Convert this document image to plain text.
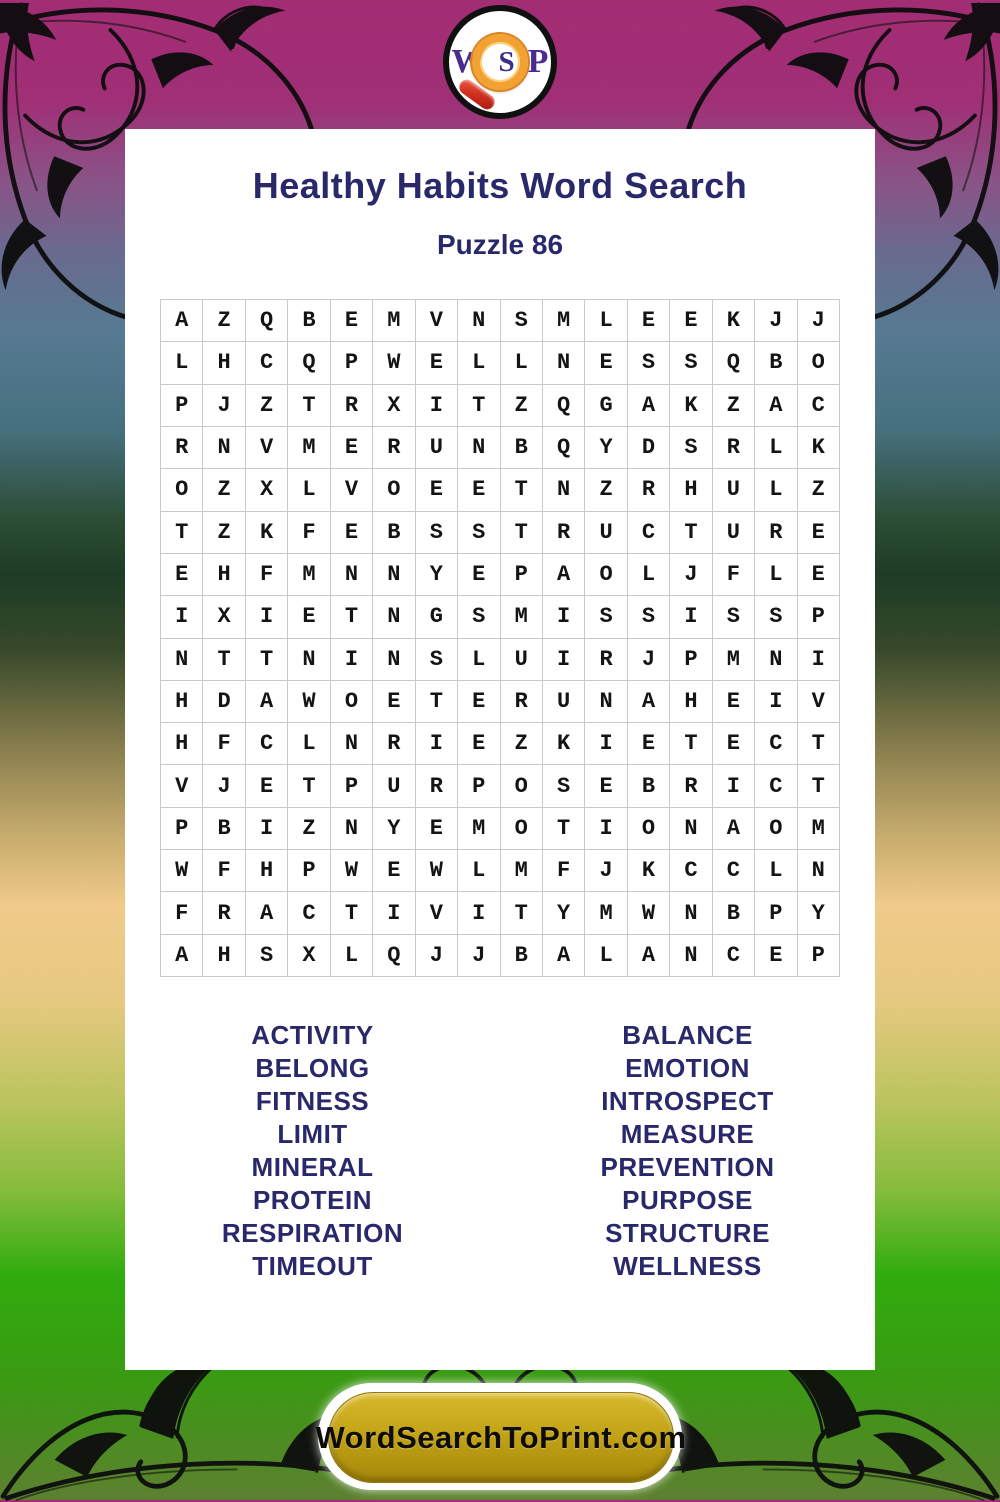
W S P
Healthy Habits Word Search
Puzzle 86
A	Z	Q	B	E	M	V	N	S	M	L	E	E	K	J	J
L	H	C	Q	P	W	E	L	L	N	E	S	S	Q	B	O
P	J	Z	T	R	X	I	T	Z	Q	G	A	K	Z	A	C
R	N	V	M	E	R	U	N	B	Q	Y	D	S	R	L	K
O	Z	X	L	V	O	E	E	T	N	Z	R	H	U	L	Z
T	Z	K	F	E	B	S	S	T	R	U	C	T	U	R	E
E	H	F	M	N	N	Y	E	P	A	O	L	J	F	L	E
I	X	I	E	T	N	G	S	M	I	S	S	I	S	S	P
N	T	T	N	I	N	S	L	U	I	R	J	P	M	N	I
H	D	A	W	O	E	T	E	R	U	N	A	H	E	I	V
H	F	C	L	N	R	I	E	Z	K	I	E	T	E	C	T
V	J	E	T	P	U	R	P	O	S	E	B	R	I	C	T
P	B	I	Z	N	Y	E	M	O	T	I	O	N	A	O	M
W	F	H	P	W	E	W	L	M	F	J	K	C	C	L	N
F	R	A	C	T	I	V	I	T	Y	M	W	N	B	P	Y
A	H	S	X	L	Q	J	J	B	A	L	A	N	C	E	P
ACTIVITY
BELONG
FITNESS
LIMIT
MINERAL
PROTEIN
RESPIRATION
TIMEOUT
BALANCE
EMOTION
INTROSPECT
MEASURE
PREVENTION
PURPOSE
STRUCTURE
WELLNESS
WordSearchToPrint.com
